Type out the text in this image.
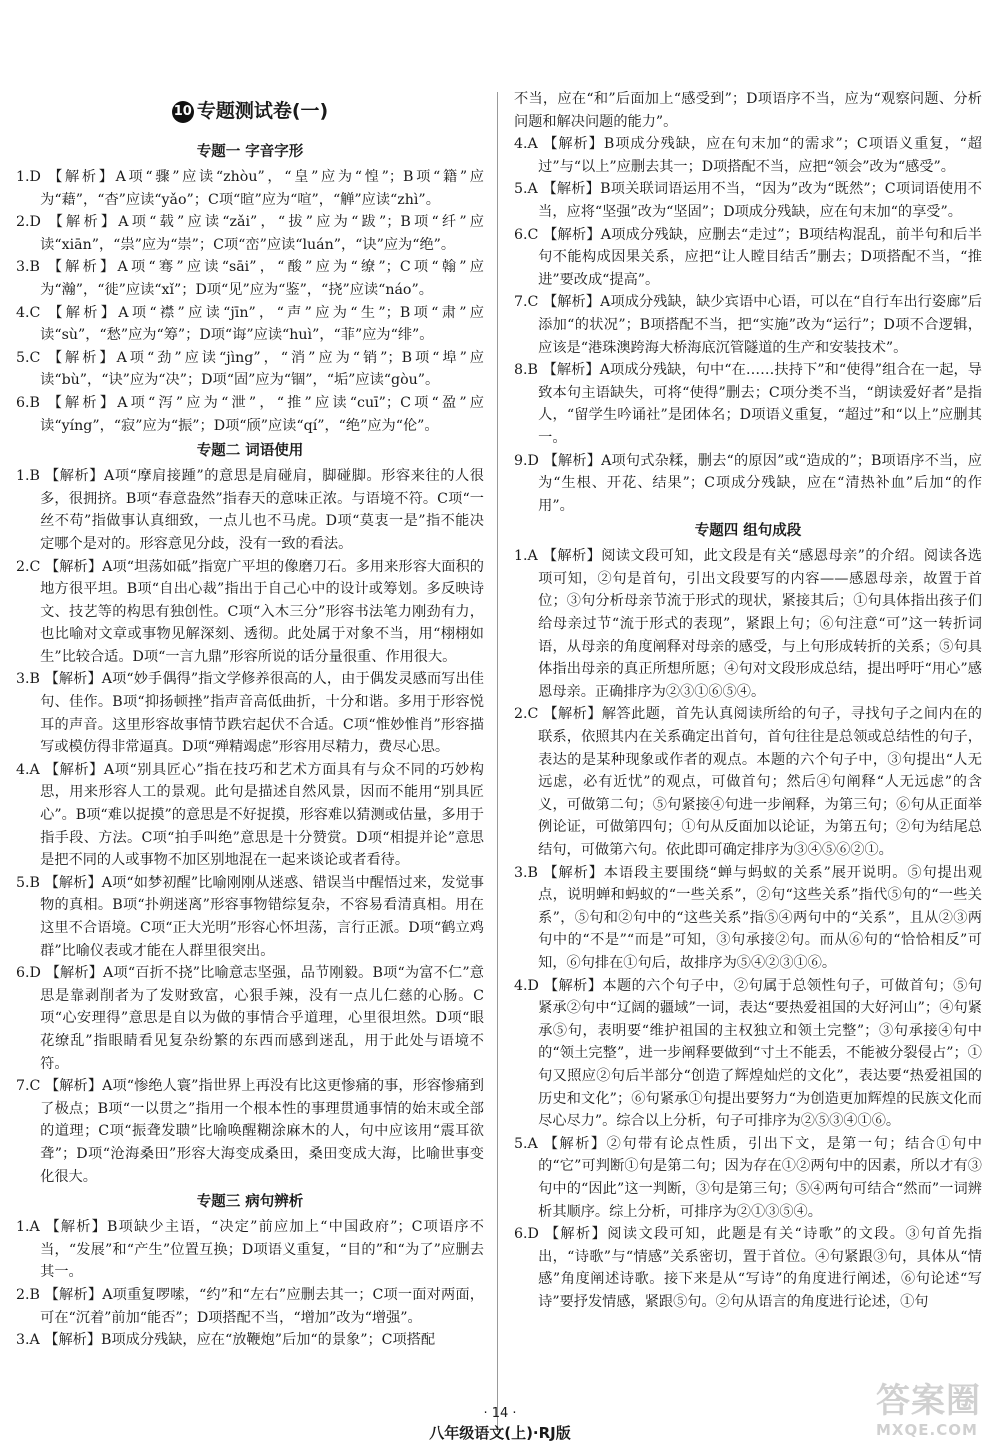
10 专题测试卷(一)
专题一 字音字形
1.D 【解析】A项“骤”应读“zhòu”，“皇”应为“惶”；B项“籍”应为“藉”，“杳”应读“yǎo”；C项“暄”应为“喧”，“觯”应读“zhì”。
2.D 【解析】A项“载”应读“zǎi”，“拔”应为“跋”；B项“纤”应读“xiān”，“祟”应为“崇”；C项“峦”应读“luán”，“诀”应为“绝”。
3.B 【解析】A项“骞”应读“sāi”，“酸”应为“缭”；C项“翰”应为“瀚”，“徙”应读“xǐ”；D项“见”应为“鉴”，“挠”应读“náo”。
4.C 【解析】A项“襟”应读“jīn”，“声”应为“生”；B项“肃”应读“sù”，“愁”应为“筹”；D项“诲”应读“huì”，“菲”应为“绯”。
5.C 【解析】A项“劲”应读“jìng”，“消”应为“销”；B项“埠”应读“bù”，“诀”应为“决”；D项“固”应为“锢”，“垢”应读“gòu”。
6.B 【解析】A项“泻”应为“泄”，“推”应读“cuī”；C项“盈”应读“yíng”，“寂”应为“振”；D项“颀”应读“qí”，“绝”应为“伦”。
专题二 词语使用
1.B 【解析】A项“摩肩接踵”的意思是肩碰肩，脚碰脚。形容来往的人很多，很拥挤。B项“春意盎然”指春天的意味正浓。与语境不符。C项“一丝不苟”指做事认真细致，一点儿也不马虎。D项“莫衷一是”指不能决定哪个是对的。形容意见分歧，没有一致的看法。
2.C 【解析】A项“坦荡如砥”指宽广平坦的像磨刀石。多用来形容大面积的地方很平坦。B项“自出心裁”指出于自己心中的设计或筹划。多反映诗文、技艺等的构思有独创性。C项“入木三分”形容书法笔力刚劲有力，也比喻对文章或事物见解深刻、透彻。此处属于对象不当，用“栩栩如生”比较合适。D项“一言九鼎”形容所说的话分量很重、作用很大。
3.B 【解析】A项“妙手偶得”指文学修养很高的人，由于偶发灵感而写出佳句、佳作。B项“抑扬顿挫”指声音高低曲折，十分和谐。多用于形容悦耳的声音。这里形容故事情节跌宕起伏不合适。C项“惟妙惟肖”形容描写或模仿得非常逼真。D项“殚精竭虑”形容用尽精力，费尽心思。
4.A 【解析】A项“别具匠心”指在技巧和艺术方面具有与众不同的巧妙构思，用来形容人工的景观。此句是描述自然风景，因而不能用“别具匠心”。B项“难以捉摸”的意思是不好捉摸，形容难以猜测或估量，多用于指手段、方法。C项“拍手叫绝”意思是十分赞赏。D项“相提并论”意思是把不同的人或事物不加区别地混在一起来谈论或者看待。
5.B 【解析】A项“如梦初醒”比喻刚刚从迷惑、错误当中醒悟过来，发觉事物的真相。B项“扑朔迷离”形容事物错综复杂，不容易看清真相。用在这里不合语境。C项“正大光明”形容心怀坦荡，言行正派。D项“鹤立鸡群”比喻仪表或才能在人群里很突出。
6.D 【解析】A项“百折不挠”比喻意志坚强，品节刚毅。B项“为富不仁”意思是靠剥削者为了发财致富，心狠手辣，没有一点儿仁慈的心肠。C项“心安理得”意思是自以为做的事情合乎道理，心里很坦然。D项“眼花缭乱”指眼睛看见复杂纷繁的东西而感到迷乱，用于此处与语境不符。
7.C 【解析】A项“惨绝人寰”指世界上再没有比这更惨痛的事，形容惨痛到了极点；B项“一以贯之”指用一个根本性的事理贯通事情的始末或全部的道理；C项“振聋发聩”比喻唤醒糊涂麻木的人，句中应该用“震耳欲聋”；D项“沧海桑田”形容大海变成桑田，桑田变成大海，比喻世事变化很大。
专题三 病句辨析
1.A 【解析】B项缺少主语，“决定”前应加上“中国政府”；C项语序不当，“发展”和“产生”位置互换；D项语义重复，“目的”和“为了”应删去其一。
2.B 【解析】A项重复啰嗦，“约”和“左右”应删去其一；C项一面对两面，可在“沉着”前加“能否”；D项搭配不当，“增加”改为“增强”。
3.A 【解析】B项成分残缺，应在“放鞭炮”后加“的景象”；C项搭配
不当，应在“和”后面加上“感受到”；D项语序不当，应为“观察问题、分析问题和解决问题的能力”。
4.A 【解析】B项成分残缺，应在句末加“的需求”；C项语义重复，“超过”与“以上”应删去其一；D项搭配不当，应把“领会”改为“感受”。
5.A 【解析】B项关联词语运用不当，“因为”改为“既然”；C项词语使用不当，应将“坚强”改为“坚固”；D项成分残缺，应在句末加“的享受”。
6.C 【解析】A项成分残缺，应删去“走过”；B项结构混乱，前半句和后半句不能构成因果关系，应把“让人瞠目结舌”删去；D项搭配不当，“推进”要改成“提高”。
7.C 【解析】A项成分残缺，缺少宾语中心语，可以在“自行车出行姿廊”后添加“的状况”；B项搭配不当，把“实施”改为“运行”；D项不合逻辑，应该是“港珠澳跨海大桥海底沉管隧道的生产和安装技术”。
8.B 【解析】A项成分残缺，句中“在……扶持下”和“使得”组合在一起，导致本句主语缺失，可将“使得”删去；C项分类不当，“朗读爱好者”是指人，“留学生吟诵社”是团体名；D项语义重复，“超过”和“以上”应删其一。
9.D 【解析】A项句式杂糅，删去“的原因”或“造成的”；B项语序不当，应为“生根、开花、结果”；C项成分残缺，应在“清热补血”后加“的作用”。
专题四 组句成段
1.A 【解析】阅读文段可知，此文段是有关“感恩母亲”的介绍。阅读各选项可知，②句是首句，引出文段要写的内容——感恩母亲，故置于首位；③句分析母亲节流于形式的现状，紧接其后；①句具体指出孩子们给母亲过节“流于形式的表现”，紧跟上句；⑥句注意“可”这一转折词语，从母亲的角度阐释对母亲的感受，与上句形成转折的关系；⑤句具体指出母亲的真正所想所愿；④句对文段形成总结，提出呼吁“用心”感恩母亲。正确排序为②③①⑥⑤④。
2.C 【解析】解答此题，首先认真阅读所给的句子，寻找句子之间内在的联系，依照其内在关系确定出首句，首句往往是总领或总结性的句子，表达的是某种现象或作者的观点。本题的六个句子中，③句提出“人无远虑，必有近忧”的观点，可做首句；然后④句阐释“人无远虑”的含义，可做第二句；⑤句紧接④句进一步阐释，为第三句；⑥句从正面举例论证，可做第四句；①句从反面加以论证，为第五句；②句为结尾总结句，可做第六句。依此即可确定排序为③④⑤⑥②①。
3.B 【解析】本语段主要围绕“蝉与蚂蚁的关系”展开说明。⑤句提出观点，说明蝉和蚂蚁的“一些关系”，②句“这些关系”指代⑤句的“一些关系”，⑤句和②句中的“这些关系”指⑤④两句中的“关系”，且从②③两句中的“不是”“而是”可知，③句承接②句。而从⑥句的“恰恰相反”可知，⑥句排在①句后，故排序为⑤④②③①⑥。
4.D 【解析】本题的六个句子中，②句属于总领性句子，可做首句；⑤句紧承②句中“辽阔的疆域”一词，表达“要热爱祖国的大好河山”；④句紧承⑤句，表明要“维护祖国的主权独立和领土完整”；③句承接④句中的“领土完整”，进一步阐释要做到“寸土不能丢，不能被分裂侵占”；①句又照应②句后半部分“创造了辉煌灿烂的文化”，表达要“热爱祖国的历史和文化”；⑥句紧承①句提出要努力“为创造更加辉煌的民族文化而尽心尽力”。综合以上分析，句子可排序为②⑤③④①⑥。
5.A 【解析】②句带有论点性质，引出下文，是第一句；结合①句中的“它”可判断①句是第二句；因为存在①②两句中的因素，所以才有③句中的“因此”这一判断，③句是第三句；⑤④两句可结合“然而”一词辨析其顺序。综上分析，可排序为②①③⑤④。
6.D 【解析】阅读文段可知，此题是有关“诗歌”的文段。③句首先指出，“诗歌”与“情感”关系密切，置于首位。④句紧跟③句，具体从“情感”角度阐述诗歌。接下来是从“写诗”的角度进行阐述，⑥句论述“写诗”要抒发情感，紧跟⑤句。②句从语言的角度进行论述，①句
· 14 ·
八年级语文(上)·RJ版
答案圈
MXQE.COM
